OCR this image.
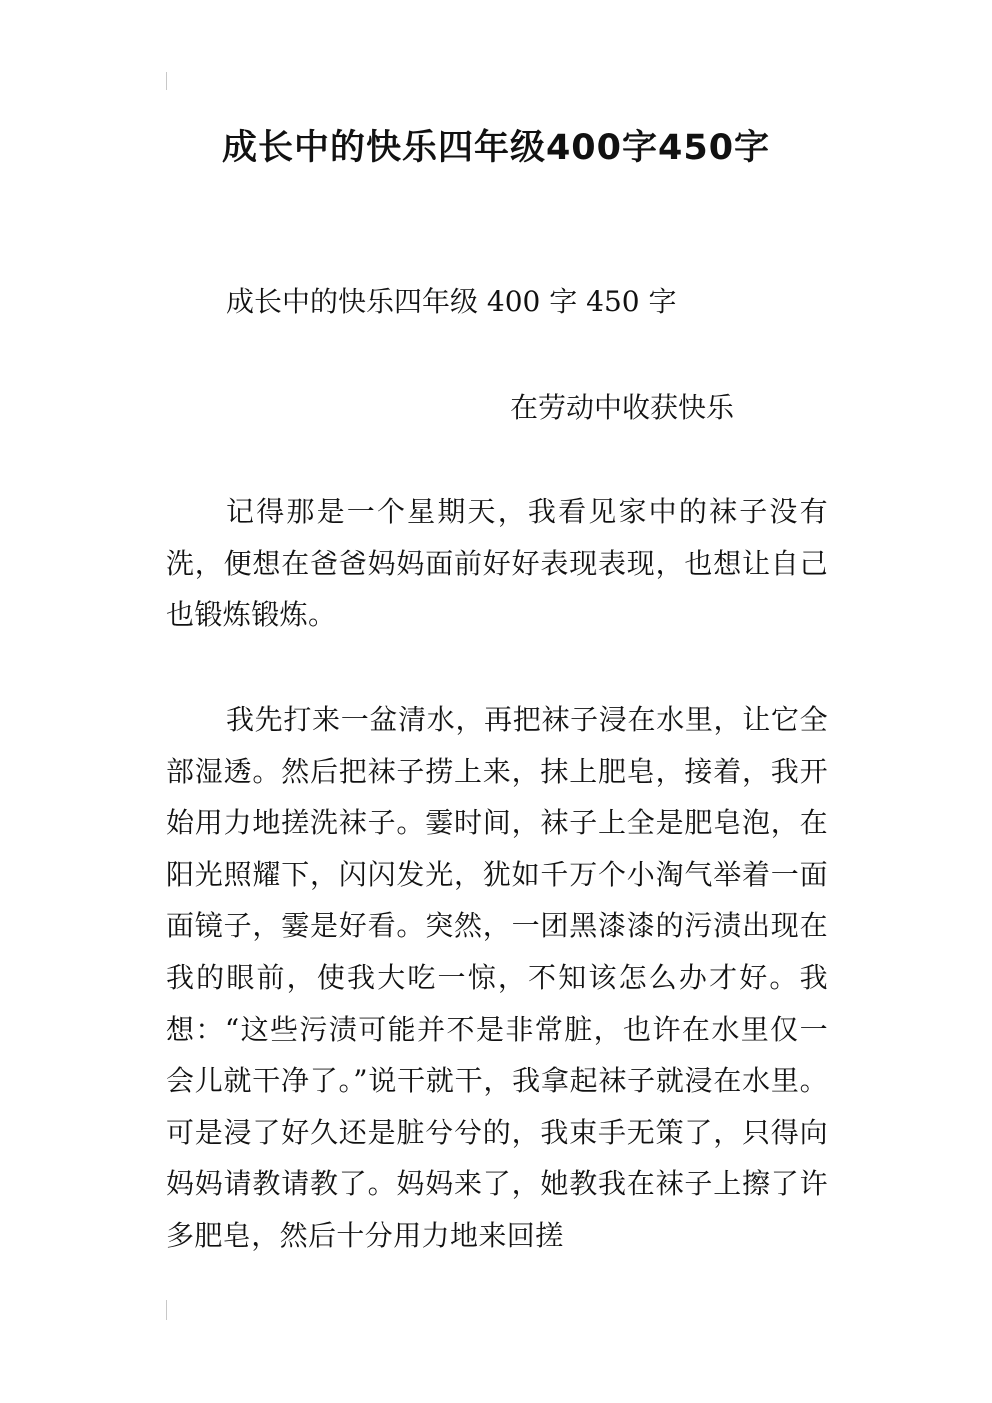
成长中的快乐四年级400字450字

成长中的快乐四年级 400 字 450 字

在劳动中收获快乐

记得那是一个星期天，我看见家中的袜子没有洗，便想在爸爸妈妈面前好好表现表现，也想让自己也锻炼锻炼。

我先打来一盆清水，再把袜子浸在水里，让它全部湿透。然后把袜子捞上来，抹上肥皂，接着，我开始用力地搓洗袜子。霎时间，袜子上全是肥皂泡，在阳光照耀下，闪闪发光，犹如千万个小淘气举着一面面镜子，霎是好看。突然，一团黑漆漆的污渍出现在我的眼前，使我大吃一惊，不知该怎么办才好。我想：“这些污渍可能并不是非常脏，也许在水里仅一会儿就干净了。”说干就干，我拿起袜子就浸在水里。可是浸了好久还是脏兮兮的，我束手无策了，只得向妈妈请教请教了。妈妈来了，她教我在袜子上擦了许多肥皂，然后十分用力地来回搓
